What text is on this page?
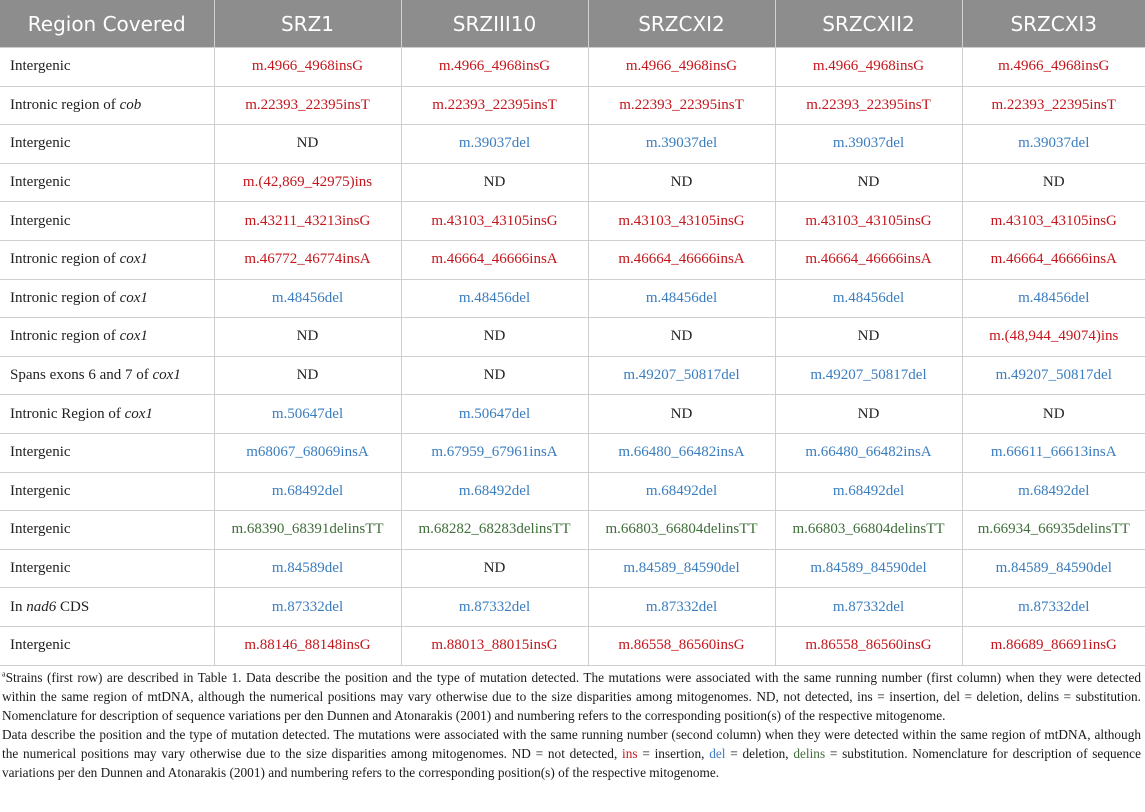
Region Covered	SRZ1	SRZIII10	SRZCXI2	SRZCXII2	SRZCXI3
Intergenic	m.4966_4968insG	m.4966_4968insG	m.4966_4968insG	m.4966_4968insG	m.4966_4968insG
Intronic region of cob	m.22393_22395insT	m.22393_22395insT	m.22393_22395insT	m.22393_22395insT	m.22393_22395insT
Intergenic	ND	m.39037del	m.39037del	m.39037del	m.39037del
Intergenic	m.(42,869_42975)ins	ND	ND	ND	ND
Intergenic	m.43211_43213insG	m.43103_43105insG	m.43103_43105insG	m.43103_43105insG	m.43103_43105insG
Intronic region of cox1	m.46772_46774insA	m.46664_46666insA	m.46664_46666insA	m.46664_46666insA	m.46664_46666insA
Intronic region of cox1	m.48456del	m.48456del	m.48456del	m.48456del	m.48456del
Intronic region of cox1	ND	ND	ND	ND	m.(48,944_49074)ins
Spans exons 6 and 7 of cox1	ND	ND	m.49207_50817del	m.49207_50817del	m.49207_50817del
Intronic Region of cox1	m.50647del	m.50647del	ND	ND	ND
Intergenic	m68067_68069insA	m.67959_67961insA	m.66480_66482insA	m.66480_66482insA	m.66611_66613insA
Intergenic	m.68492del	m.68492del	m.68492del	m.68492del	m.68492del
Intergenic	m.68390_68391delinsTT	m.68282_68283delinsTT	m.66803_66804delinsTT	m.66803_66804delinsTT	m.66934_66935delinsTT
Intergenic	m.84589del	ND	m.84589_84590del	m.84589_84590del	m.84589_84590del
In nad6 CDS	m.87332del	m.87332del	m.87332del	m.87332del	m.87332del
Intergenic	m.88146_88148insG	m.88013_88015insG	m.86558_86560insG	m.86558_86560insG	m.86689_86691insG

$^a$Strains (first row) are described in Table 1. Data describe the position and the type of mutation detected. The mutations were associated with the same running number (first column) when they were detected within the same region of mtDNA, although the numerical positions may vary otherwise due to the size disparities among mitogenomes. ND, not detected, ins = insertion, del = deletion, delins = substitution. Nomenclature for description of sequence variations per den Dunnen and Atonarakis (2001) and numbering refers to the corresponding position(s) of the respective mitogenome.

Data describe the position and the type of mutation detected. The mutations were associated with the same running number (second column) when they were detected within the same region of mtDNA, although the numerical positions may vary otherwise due to the size disparities among mitogenomes. ND = not detected, ins = insertion, del = deletion, delins = substitution. Nomenclature for description of sequence variations per den Dunnen and Atonarakis (2001) and numbering refers to the corresponding position(s) of the respective mitogenome.
